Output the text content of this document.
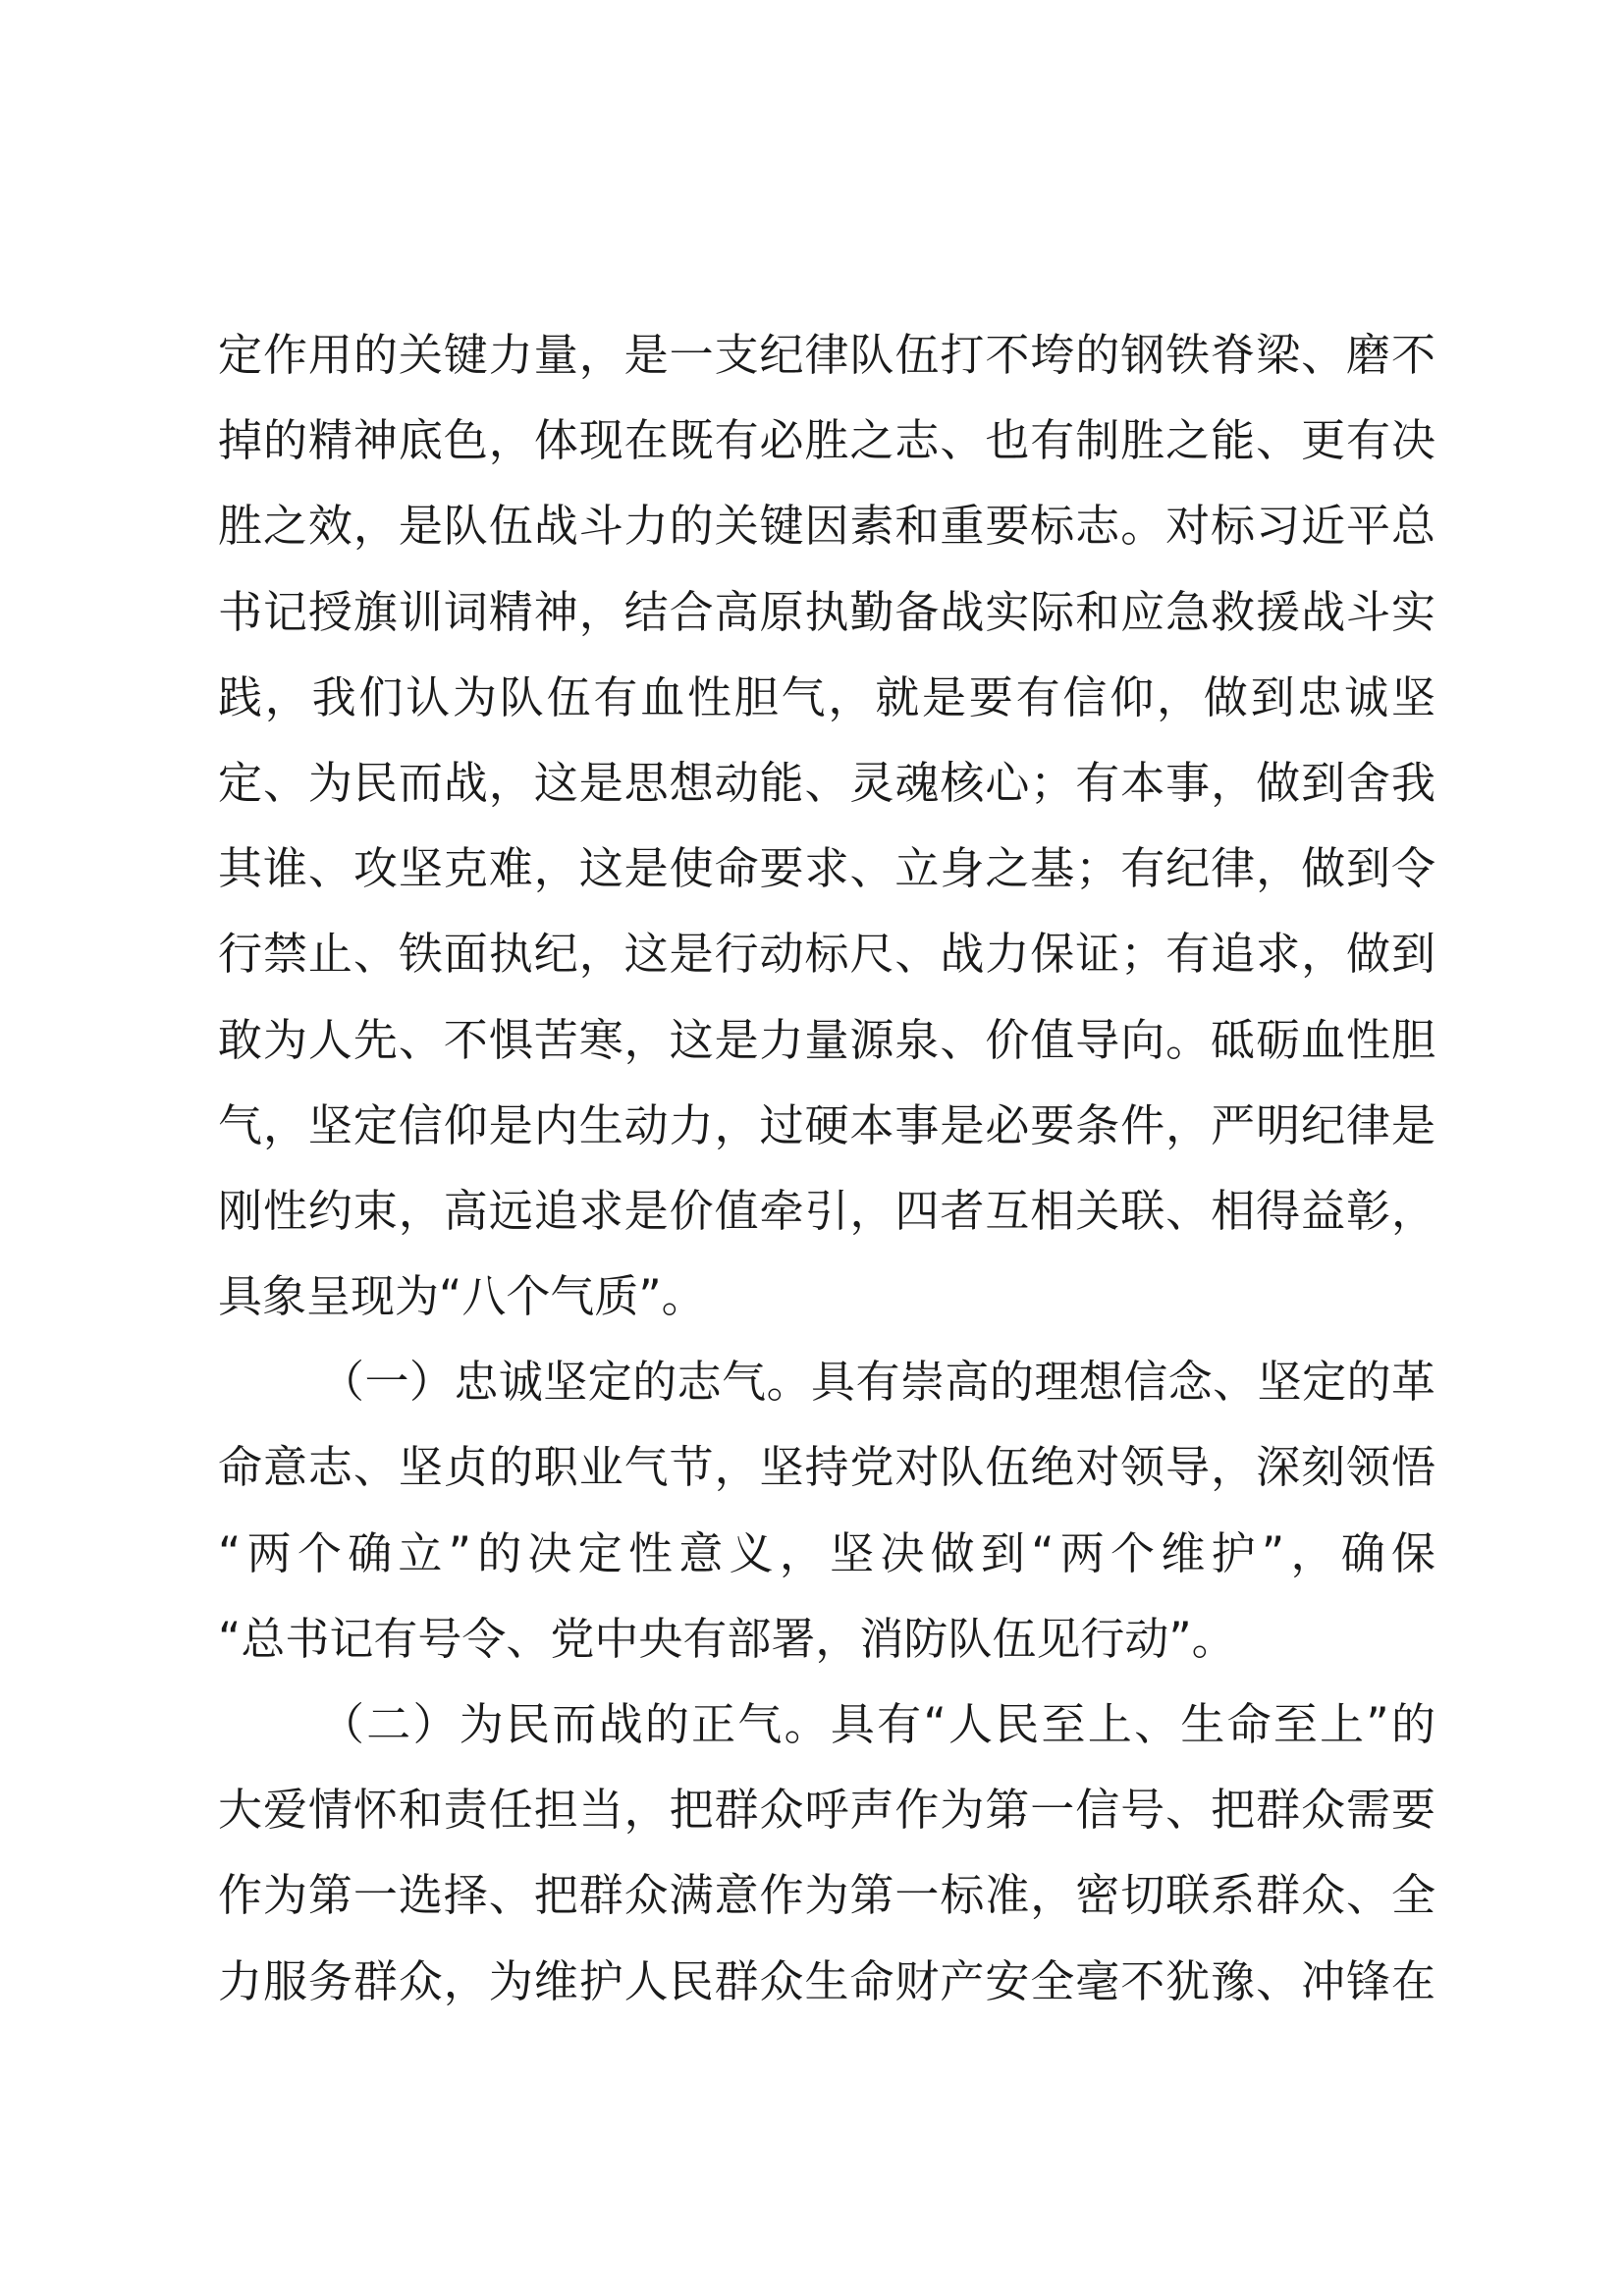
定作用的关键力量，是一支纪律队伍打不垮的钢铁脊梁、磨不
掉的精神底色，体现在既有必胜之志、也有制胜之能、更有决
胜之效，是队伍战斗力的关键因素和重要标志。对标习近平总
书记授旗训词精神，结合高原执勤备战实际和应急救援战斗实
践，我们认为队伍有血性胆气，就是要有信仰，做到忠诚坚
定、为民而战，这是思想动能、灵魂核心；有本事，做到舍我
其谁、攻坚克难，这是使命要求、立身之基；有纪律，做到令
行禁止、铁面执纪，这是行动标尺、战力保证；有追求，做到
敢为人先、不惧苦寒，这是力量源泉、价值导向。砥砺血性胆
气，坚定信仰是内生动力，过硬本事是必要条件，严明纪律是
刚性约束，高远追求是价值牵引，四者互相关联、相得益彰，
具象呈现为“八个气质”。
（一）忠诚坚定的志气。具有崇高的理想信念、坚定的革
命意志、坚贞的职业气节，坚持党对队伍绝对领导，深刻领悟
“两个确立”的决定性意义，坚决做到“两个维护”，确保
“总书记有号令、党中央有部署，消防队伍见行动”。
（二）为民而战的正气。具有“人民至上、生命至上”的
大爱情怀和责任担当，把群众呼声作为第一信号、把群众需要
作为第一选择、把群众满意作为第一标准，密切联系群众、全
力服务群众，为维护人民群众生命财产安全毫不犹豫、冲锋在
